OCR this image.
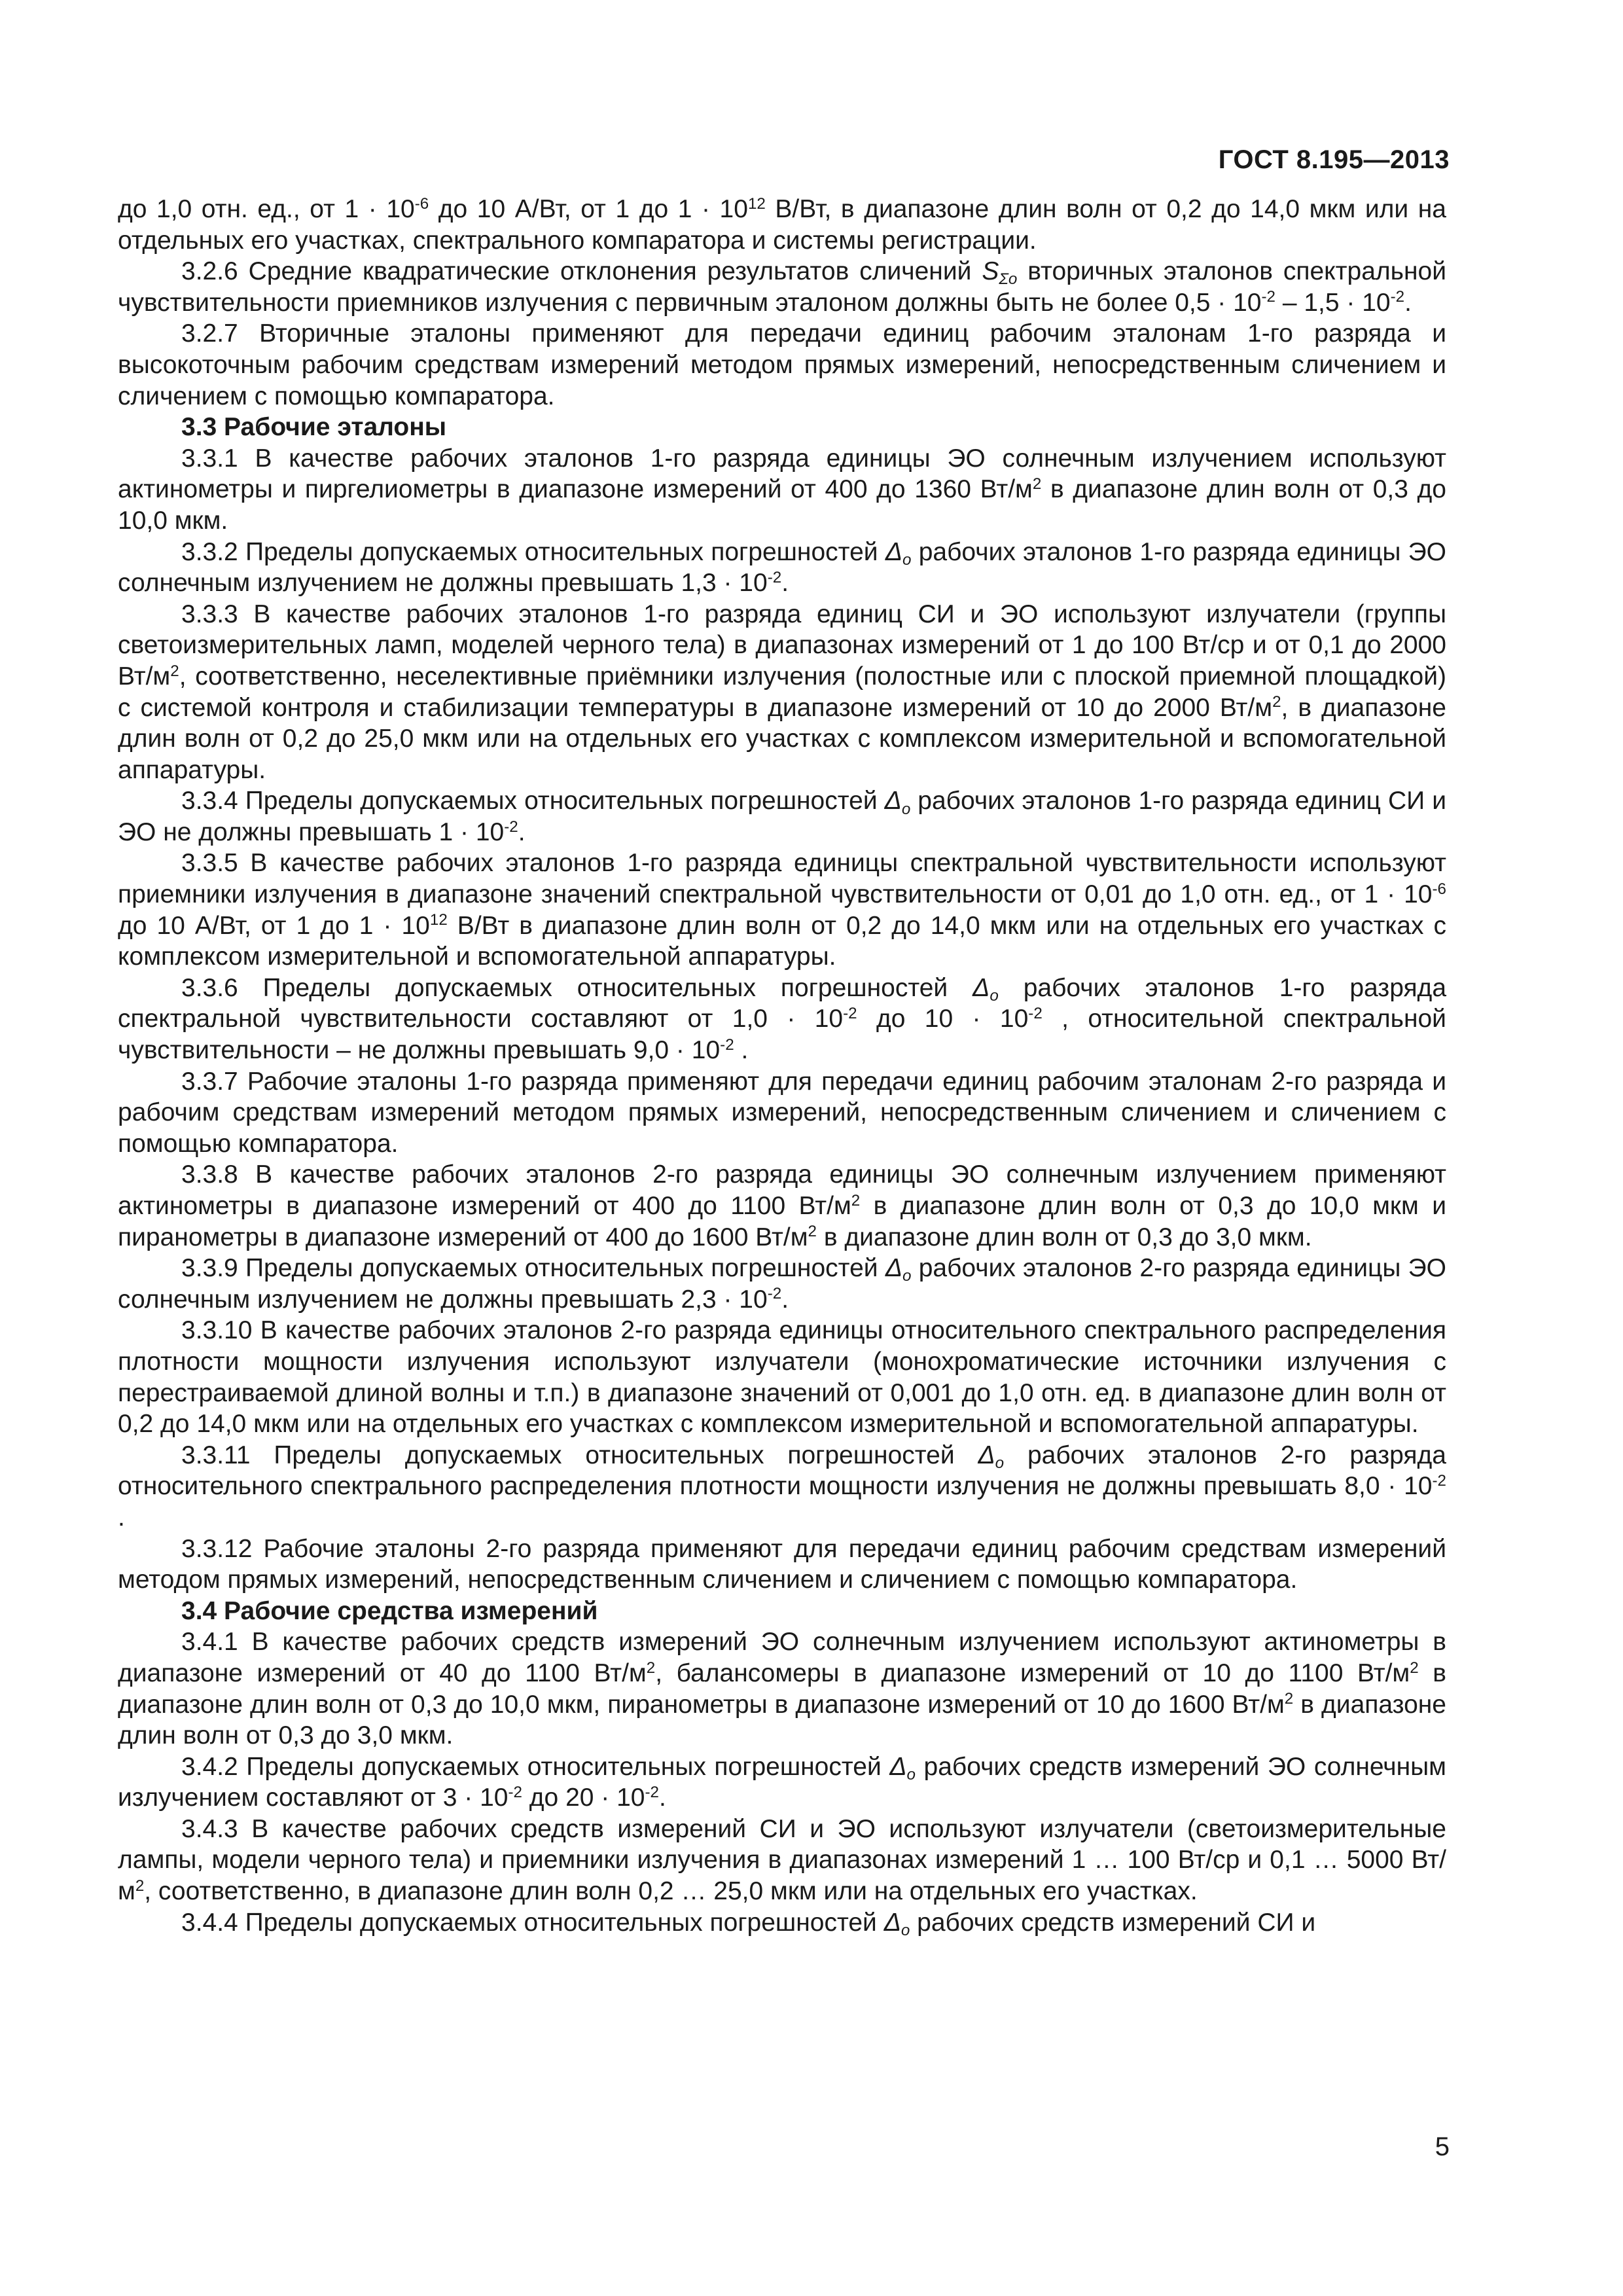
ГОСТ 8.195—2013

до 1,0 отн. ед., от $1 \cdot 10^{-6}$ до 10 А/Вт, от 1 до $1 \cdot 10^{12}$ В/Вт, в диапазоне длин волн от 0,2 до 14,0 мкм или на отдельных его участках, спектрального компаратора и системы регистрации.

3.2.6 Средние квадратические отклонения результатов сличений $S_{\Sigma o}$ вторичных эталонов спектральной чувствительности приемников излучения с первичным эталоном должны быть не более $0,5 \cdot 10^{-2} - 1,5 \cdot 10^{-2}$.

3.2.7 Вторичные эталоны применяют для передачи единиц рабочим эталонам 1-го разряда и высокоточным рабочим средствам измерений методом прямых измерений, непосредственным сличением и сличением с помощью компаратора.

3.3 Рабочие эталоны

3.3.1 В качестве рабочих эталонов 1-го разряда единицы ЭО солнечным излучением используют актинометры и пиргелиометры в диапазоне измерений от 400 до 1360 $Вт/м^2$ в диапазоне длин волн от 0,3 до 10,0 мкм.

3.3.2 Пределы допускаемых относительных погрешностей $\Delta_o$ рабочих эталонов 1-го разряда единицы ЭО солнечным излучением не должны превышать $1,3 \cdot 10^{-2}$.

3.3.3 В качестве рабочих эталонов 1-го разряда единиц СИ и ЭО используют излучатели (группы светоизмерительных ламп, моделей черного тела) в диапазонах измерений от 1 до 100 Вт/ср и от 0,1 до 2000 $Вт/м^2$, соответственно, неселективные приёмники излучения (полостные или с плоской приемной площадкой) с системой контроля и стабилизации температуры в диапазоне измерений от 10 до 2000 $Вт/м^2$, в диапазоне длин волн от 0,2 до 25,0 мкм или на отдельных его участках с комплексом измерительной и вспомогательной аппаратуры.

3.3.4 Пределы допускаемых относительных погрешностей $\Delta_o$ рабочих эталонов 1-го разряда единиц СИ и ЭО не должны превышать $1 \cdot 10^{-2}$.

3.3.5 В качестве рабочих эталонов 1-го разряда единицы спектральной чувствительности используют приемники излучения в диапазоне значений спектральной чувствительности от 0,01 до 1,0 отн. ед., от $1 \cdot 10^{-6}$ до 10 А/Вт, от 1 до $1 \cdot 10^{12}$ В/Вт в диапазоне длин волн от 0,2 до 14,0 мкм или на отдельных его участках с комплексом измерительной и вспомогательной аппаратуры.

3.3.6 Пределы допускаемых относительных погрешностей $\Delta_o$ рабочих эталонов 1-го разряда спектральной чувствительности составляют от $1,0 \cdot 10^{-2}$ до $10 \cdot 10^{-2}$ , относительной спектральной чувствительности – не должны превышать $9,0 \cdot 10^{-2}$ .

3.3.7 Рабочие эталоны 1-го разряда применяют для передачи единиц рабочим эталонам 2-го разряда и рабочим средствам измерений методом прямых измерений, непосредственным сличением и сличением с помощью компаратора.

3.3.8 В качестве рабочих эталонов 2-го разряда единицы ЭО солнечным излучением применяют актинометры в диапазоне измерений от 400 до 1100 $Вт/м^2$ в диапазоне длин волн от 0,3 до 10,0 мкм и пиранометры в диапазоне измерений от 400 до 1600 $Вт/м^2$ в диапазоне длин волн от 0,3 до 3,0 мкм.

3.3.9 Пределы допускаемых относительных погрешностей $\Delta_o$ рабочих эталонов 2-го разряда единицы ЭО солнечным излучением не должны превышать $2,3 \cdot 10^{-2}$.

3.3.10 В качестве рабочих эталонов 2-го разряда единицы относительного спектрального распределения плотности мощности излучения используют излучатели (монохроматические источники излучения с перестраиваемой длиной волны и т.п.) в диапазоне значений от 0,001 до 1,0 отн. ед. в диапазоне длин волн от 0,2 до 14,0 мкм или на отдельных его участках с комплексом измерительной и вспомогательной аппаратуры.

3.3.11 Пределы допускаемых относительных погрешностей $\Delta_o$ рабочих эталонов 2-го разряда относительного спектрального распределения плотности мощности излучения не должны превышать $8,0 \cdot 10^{-2}$ .

3.3.12 Рабочие эталоны 2-го разряда применяют для передачи единиц рабочим средствам измерений методом прямых измерений, непосредственным сличением и сличением с помощью компаратора.

3.4 Рабочие средства измерений

3.4.1 В качестве рабочих средств измерений ЭО солнечным излучением используют актинометры в диапазоне измерений от 40 до 1100 $Вт/м^2$, балансомеры в диапазоне измерений от 10 до 1100 $Вт/м^2$ в диапазоне длин волн от 0,3 до 10,0 мкм, пиранометры в диапазоне измерений от 10 до 1600 $Вт/м^2$ в диапазоне длин волн от 0,3 до 3,0 мкм.

3.4.2 Пределы допускаемых относительных погрешностей $\Delta_o$ рабочих средств измерений ЭО солнечным излучением составляют от $3 \cdot 10^{-2}$ до $20 \cdot 10^{-2}$.

3.4.3 В качестве рабочих средств измерений СИ и ЭО используют излучатели (светоизмерительные лампы, модели черного тела) и приемники излучения в диапазонах измерений 1 … 100 Вт/ср и 0,1 … 5000 $Вт/м^2$, соответственно, в диапазоне длин волн 0,2 … 25,0 мкм или на отдельных его участках.

3.4.4 Пределы допускаемых относительных погрешностей $\Delta_o$ рабочих средств измерений СИ и

5
